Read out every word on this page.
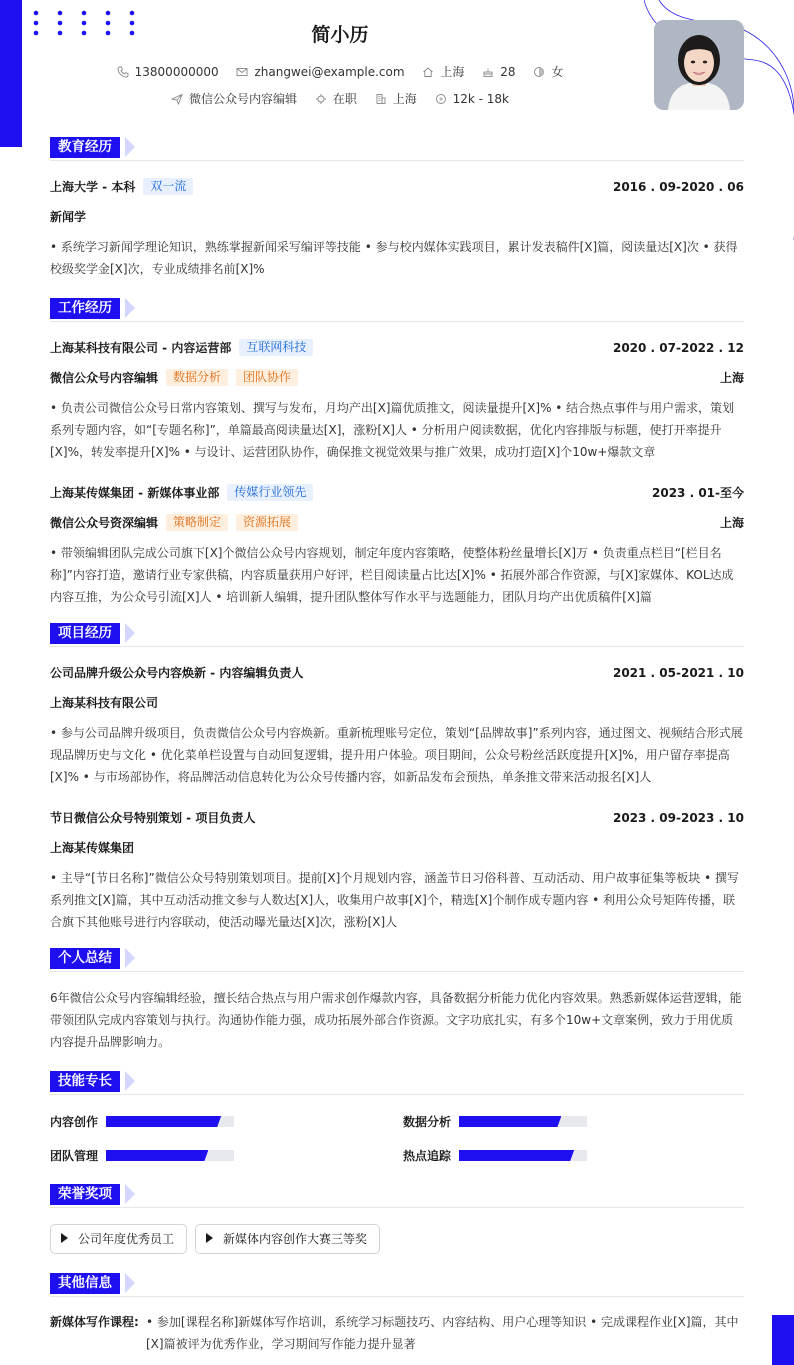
简小历
13800000000	zhangwei@example.com	上海	28	女
微信公众号内容编辑	在职	上海	12k - 18k
教育经历
上海大学 - 本科 双一流	2016 . 09-2020 . 06
新闻学
• 系统学习新闻学理论知识，熟练掌握新闻采写编评等技能 • 参与校内媒体实践项目，累计发表稿件[X]篇，阅读量达[X]次 • 获得校级奖学金[X]次，专业成绩排名前[X]%
工作经历
上海某科技有限公司 - 内容运营部 互联网科技	2020 . 07-2022 . 12
微信公众号内容编辑 数据分析 团队协作	上海
• 负责公司微信公众号日常内容策划、撰写与发布，月均产出[X]篇优质推文，阅读量提升[X]% • 结合热点事件与用户需求，策划系列专题内容，如“[专题名称]”，单篇最高阅读量达[X]，涨粉[X]人 • 分析用户阅读数据，优化内容排版与标题，使打开率提升[X]%，转发率提升[X]% • 与设计、运营团队协作，确保推文视觉效果与推广效果，成功打造[X]个10w+爆款文章
上海某传媒集团 - 新媒体事业部 传媒行业领先	2023 . 01-至今
微信公众号资深编辑 策略制定 资源拓展	上海
• 带领编辑团队完成公司旗下[X]个微信公众号内容规划，制定年度内容策略，使整体粉丝量增长[X]万 • 负责重点栏目“[栏目名称]”内容打造，邀请行业专家供稿，内容质量获用户好评，栏目阅读量占比达[X]% • 拓展外部合作资源，与[X]家媒体、KOL达成内容互推，为公众号引流[X]人 • 培训新人编辑，提升团队整体写作水平与选题能力，团队月均产出优质稿件[X]篇
项目经历
公司品牌升级公众号内容焕新 - 内容编辑负责人	2021 . 05-2021 . 10
上海某科技有限公司
• 参与公司品牌升级项目，负责微信公众号内容焕新。重新梳理账号定位，策划“[品牌故事]”系列内容，通过图文、视频结合形式展现品牌历史与文化 • 优化菜单栏设置与自动回复逻辑，提升用户体验。项目期间，公众号粉丝活跃度提升[X]%，用户留存率提高[X]% • 与市场部协作，将品牌活动信息转化为公众号传播内容，如新品发布会预热，单条推文带来活动报名[X]人
节日微信公众号特别策划 - 项目负责人	2023 . 09-2023 . 10
上海某传媒集团
• 主导“[节日名称]”微信公众号特别策划项目。提前[X]个月规划内容，涵盖节日习俗科普、互动活动、用户故事征集等板块 • 撰写系列推文[X]篇，其中互动活动推文参与人数达[X]人，收集用户故事[X]个，精选[X]个制作成专题内容 • 利用公众号矩阵传播，联合旗下其他账号进行内容联动，使活动曝光量达[X]次，涨粉[X]人
个人总结
6年微信公众号内容编辑经验，擅长结合热点与用户需求创作爆款内容，具备数据分析能力优化内容效果。熟悉新媒体运营逻辑，能带领团队完成内容策划与执行。沟通协作能力强，成功拓展外部合作资源。文字功底扎实，有多个10w+文章案例，致力于用优质内容提升品牌影响力。
技能专长
内容创作	数据分析
团队管理	热点追踪
荣誉奖项
公司年度优秀员工	新媒体内容创作大赛三等奖
其他信息
新媒体写作课程: • 参加[课程名称]新媒体写作培训，系统学习标题技巧、内容结构、用户心理等知识 • 完成课程作业[X]篇，其中[X]篇被评为优秀作业，学习期间写作能力提升显著
